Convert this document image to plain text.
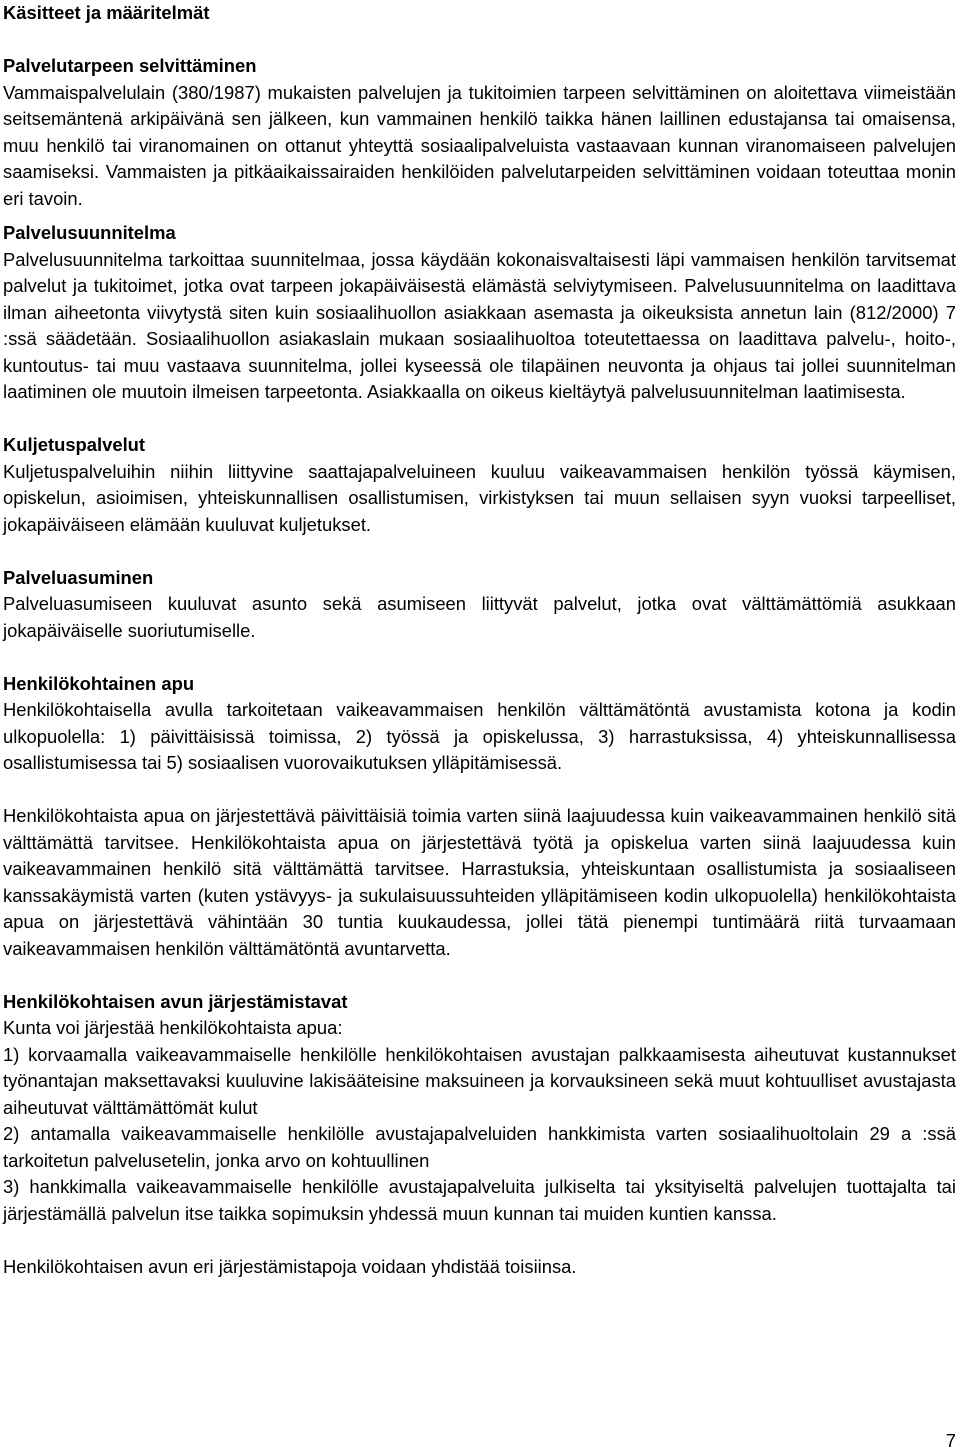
Käsitteet ja määritelmät
Palvelutarpeen selvittäminen

Vammaispalvelulain (380/1987) mukaisten palvelujen ja tukitoimien tarpeen selvittäminen on aloitettava viimeistään seitsemäntenä arkipäivänä sen jälkeen, kun vammainen henkilö taikka hänen laillinen edustajansa tai omaisensa, muu henkilö tai viranomainen on ottanut yhteyttä sosiaalipalveluista vastaavaan kunnan viranomaiseen palvelujen saamiseksi. Vammaisten ja pitkäaikaissairaiden henkilöiden palvelutarpeiden selvittäminen voidaan toteuttaa monin eri tavoin.

Palvelusuunnitelma

Palvelusuunnitelma tarkoittaa suunnitelmaa, jossa käydään kokonaisvaltaisesti läpi vammaisen henkilön tarvitsemat palvelut ja tukitoimet, jotka ovat tarpeen jokapäiväisestä elämästä selviytymiseen. Palvelusuunnitelma on laadittava ilman aiheetonta viivytystä siten kuin sosiaalihuollon asiakkaan asemasta ja oikeuksista annetun lain (812/2000) 7 :ssä säädetään. Sosiaalihuollon asiakaslain mukaan sosiaalihuoltoa toteutettaessa on laadittava palvelu-, hoito-, kuntoutus- tai muu vastaava suunnitelma, jollei kyseessä ole tilapäinen neuvonta ja ohjaus tai jollei suunnitelman laatiminen ole muutoin ilmeisen tarpeetonta. Asiakkaalla on oikeus kieltäytyä palvelusuunnitelman laatimisesta.

Kuljetuspalvelut

Kuljetuspalveluihin niihin liittyvine saattajapalveluineen kuuluu vaikeavammaisen henkilön työssä käymisen, opiskelun, asioimisen, yhteiskunnallisen osallistumisen, virkistyksen tai muun sellaisen syyn vuoksi tarpeelliset, jokapäiväiseen elämään kuuluvat kuljetukset.

Palveluasuminen

Palveluasumiseen kuuluvat asunto sekä asumiseen liittyvät palvelut, jotka ovat välttämättömiä asukkaan jokapäiväiselle suoriutumiselle.

Henkilökohtainen apu

Henkilökohtaisella avulla tarkoitetaan vaikeavammaisen henkilön välttämätöntä avustamista kotona ja kodin ulkopuolella: 1) päivittäisissä toimissa, 2) työssä ja opiskelussa, 3) harrastuksissa, 4) yhteiskunnallisessa osallistumisessa tai 5) sosiaalisen vuorovaikutuksen ylläpitämisessä.

Henkilökohtaista apua on järjestettävä päivittäisiä toimia varten siinä laajuudessa kuin vaikeavammainen henkilö sitä välttämättä tarvitsee. Henkilökohtaista apua on järjestettävä työtä ja opiskelua varten siinä laajuudessa kuin vaikeavammainen henkilö sitä välttämättä tarvitsee. Harrastuksia, yhteiskuntaan osallistumista ja sosiaaliseen kanssakäymistä varten (kuten ystävyys- ja sukulaisuussuhteiden ylläpitämiseen kodin ulkopuolella) henkilökohtaista apua on järjestettävä vähintään 30 tuntia kuukaudessa, jollei tätä pienempi tuntimäärä riitä turvaamaan vaikeavammaisen henkilön välttämätöntä avuntarvetta.

Henkilökohtaisen avun järjestämistavat

Kunta voi järjestää henkilökohtaista apua:

1) korvaamalla vaikeavammaiselle henkilölle henkilökohtaisen avustajan palkkaamisesta aiheutuvat kustannukset työnantajan maksettavaksi kuuluvine lakisääteisine maksuineen ja korvauksineen sekä muut kohtuulliset avustajasta aiheutuvat välttämättömät kulut
2) antamalla vaikeavammaiselle henkilölle avustajapalveluiden hankkimista varten sosiaalihuoltolain 29 a :ssä tarkoitetun palvelusetelin, jonka arvo on kohtuullinen
3) hankkimalla vaikeavammaiselle henkilölle avustajapalveluita julkiselta tai yksityiseltä palvelujen tuottajalta tai järjestämällä palvelun itse taikka sopimuksin yhdessä muun kunnan tai muiden kuntien kanssa.

Henkilökohtaisen avun eri järjestämistapoja voidaan yhdistää toisiinsa.

7
